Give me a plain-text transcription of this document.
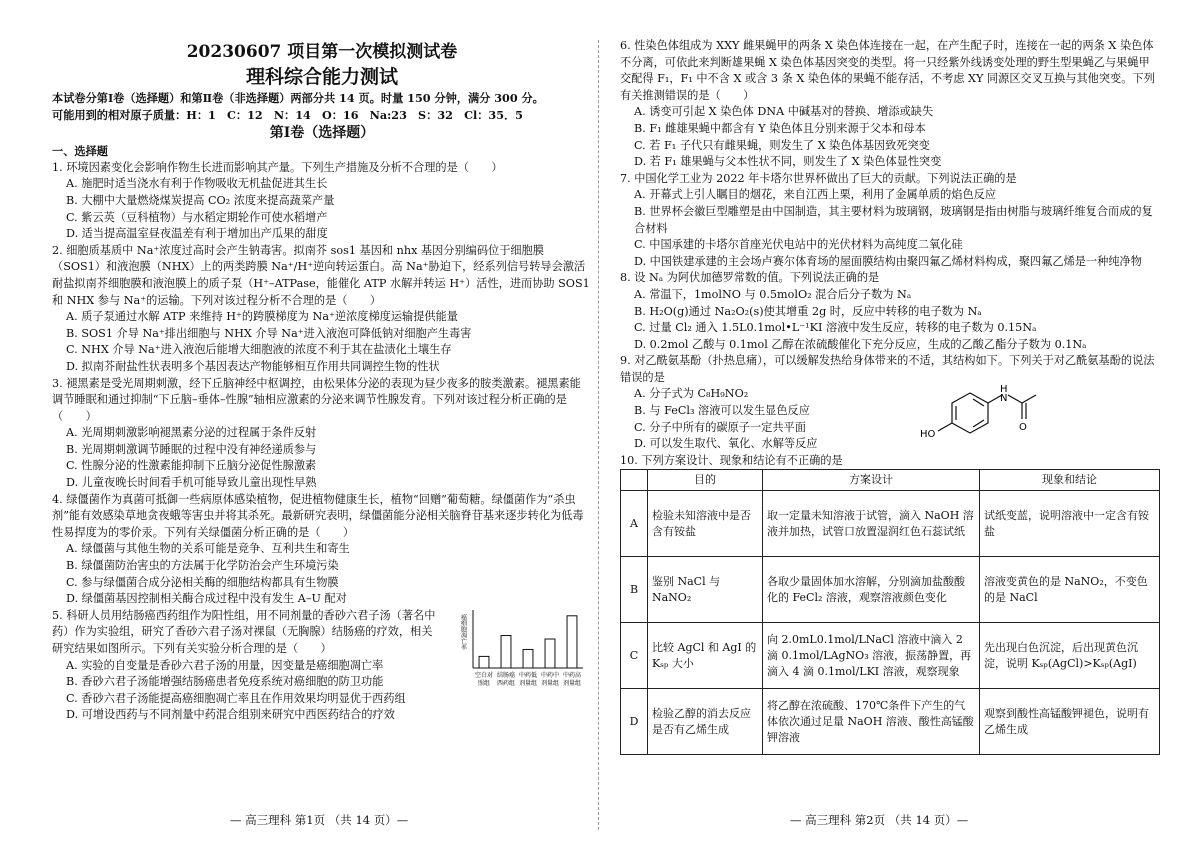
20230607 项目第一次模拟测试卷
理科综合能力测试
本试卷分第Ⅰ卷（选择题）和第Ⅱ卷（非选择题）两部分共 14 页。时量 150 分钟，满分 300 分。
可能用到的相对原子质量：H：1　C：12　N：14　O：16　Na:23　S：32　Cl：35．5
第Ⅰ卷（选择题）
一、选择题
1. 环境因素变化会影响作物生长进而影响其产量。下列生产措施及分析不合理的是（　　）
A. 施肥时适当浇水有利于作物吸收无机盐促进其生长
B. 大棚中大量燃烧煤炭提高 CO₂ 浓度来提高蔬菜产量
C. 紫云英（豆科植物）与水稻定期轮作可使水稻增产
D. 适当提高温室昼夜温差有利于增加出产瓜果的甜度
2. 细胞质基质中 Na⁺浓度过高时会产生钠毒害。拟南芥 sos1 基因和 nhx 基因分别编码位于细胞膜（SOS1）和液泡膜（NHX）上的两类跨膜 Na⁺/H⁺逆向转运蛋白。高 Na⁺胁迫下，经系列信号转导会激活耐盐拟南芥细胞膜和液泡膜上的质子泵（H⁺–ATPase，能催化 ATP 水解并转运 H⁺）活性，进而协助 SOS1 和 NHX 参与 Na⁺的运输。下列对该过程分析不合理的是（　　）
A. 质子泵通过水解 ATP 来维持 H⁺的跨膜梯度为 Na⁺逆浓度梯度运输提供能量
B. SOS1 介导 Na⁺排出细胞与 NHX 介导 Na⁺进入液泡可降低钠对细胞产生毒害
C. NHX 介导 Na⁺进入液泡后能增大细胞液的浓度不利于其在盐渍化土壤生存
D. 拟南芥耐盐性状表明多个基因表达产物能够相互作用共同调控生物的性状
3. 褪黑素是受光周期刺激，经下丘脑神经中枢调控，由松果体分泌的表现为昼少夜多的胺类激素。褪黑素能调节睡眠和通过抑制“下丘脑–垂体–性腺”轴相应激素的分泌来调节性腺发育。下列对该过程分析正确的是（　　）
A. 光周期刺激影响褪黑素分泌的过程属于条件反射
B. 光周期刺激调节睡眠的过程中没有神经递质参与
C. 性腺分泌的性激素能抑制下丘脑分泌促性腺激素
D. 儿童夜晚长时间看手机可能导致儿童出现性早熟
4. 绿僵菌作为真菌可抵御一些病原体感染植物，促进植物健康生长，植物“回赠”葡萄糖。绿僵菌作为“杀虫剂”能有效感染草地贪夜蛾等害虫并将其杀死。最新研究表明，绿僵菌能分泌相关脑脊苷基来逐步转化为低毒性易捍度为的零价汞。下列有关绿僵菌分析正确的是（　　）
A. 绿僵菌与其他生物的关系可能是竞争、互利共生和寄生
B. 绿僵菌防治害虫的方法属于化学防治会产生环境污染
C. 参与绿僵菌合成分泌相关酶的细胞结构都具有生物膜
D. 绿僵菌基因控制相关酶合成过程中没有发生 A–U 配对
5. 科研人员用结肠癌西药组作为阳性组，用不同剂量的香砂六君子汤（著名中药）作为实验组，研究了香砂六君子汤对裸鼠（无胸腺）结肠癌的疗效，相关研究结果如图所示。下列有关实验分析合理的是（　　）
A. 实验的自变量是香砂六君子汤的用量，因变量是癌细胞凋亡率
B. 香砂六君子汤能增强结肠癌患者免疫系统对癌细胞的防卫功能
C. 香砂六君子汤能提高癌细胞凋亡率且在作用效果均明显优于西药组
D. 可增设西药与不同剂量中药混合组别来研究中西医药结合的疗效
癌细胞凋亡率
空白对
照组
结肠癌
西药组
中药低
剂量组
中药中
剂量组
中药高
剂量组
6. 性染色体组成为 XXY 雌果蝇甲的两条 X 染色体连接在一起，在产生配子时，连接在一起的两条 X 染色体不分离，可依此来判断雄果蝇 X 染色体基因突变的类型。将一只经紫外线诱变处理的野生型果蝇乙与果蝇甲交配得 F₁，F₁ 中不含 X 或含 3 条 X 染色体的果蝇不能存活，不考虑 XY 同源区交叉互换与其他突变。下列有关推测错误的是（　　）
A. 诱变可引起 X 染色体 DNA 中碱基对的替换、增添或缺失
B. F₁ 雌雄果蝇中都含有 Y 染色体且分别来源于父本和母本
C. 若 F₁ 子代只有雌果蝇，则发生了 X 染色体基因致死突变
D. 若 F₁ 雄果蝇与父本性状不同，则发生了 X 染色体显性突变
7. 中国化学工业为 2022 年卡塔尔世界杯做出了巨大的贡献。下列说法正确的是
A. 开幕式上引人瞩目的烟花，来自江西上栗，利用了金属单质的焰色反应
B. 世界杯会徽巨型雕塑是由中国制造，其主要材料为玻璃钢，玻璃钢是指由树脂与玻璃纤维复合而成的复合材料
C. 中国承建的卡塔尔首座光伏电站中的光伏材料为高纯度二氧化硅
D. 中国铁建承建的主会场卢赛尔体育场的屋面膜结构由聚四氟乙烯材料构成，聚四氟乙烯是一种纯净物
8. 设 Nₐ 为阿伏加德罗常数的值。下列说法正确的是
A. 常温下，1molNO 与 0.5molO₂ 混合后分子数为 Nₐ
B. H₂O(g)通过 Na₂O₂(s)使其增重 2g 时，反应中转移的电子数为 Nₐ
C. 过量 Cl₂ 通入 1.5L0.1mol•L⁻¹KI 溶液中发生反应，转移的电子数为 0.15Nₐ
D. 0.2mol 乙酸与 0.1mol 乙醇在浓硫酸催化下充分反应，生成的乙酸乙酯分子数为 0.1Nₐ
9. 对乙酰氨基酚（扑热息痛），可以缓解发热给身体带来的不适，其结构如下。下列关于对乙酰氨基酚的说法错误的是
A. 分子式为 C₈H₉NO₂
B. 与 FeCl₃ 溶液可以发生显色反应
C. 分子中所有的碳原子一定共平面
D. 可以发生取代、氧化、水解等反应
H
N
O
HO
10. 下列方案设计、现象和结论有不正确的是
	目的	方案设计	现象和结论
A	检验未知溶液中是否含有铵盐	取一定量未知溶液于试管，滴入 NaOH 溶液并加热，试管口放置湿润红色石蕊试纸	试纸变蓝，说明溶液中一定含有铵盐
B	鉴别 NaCl 与 NaNO₂	各取少量固体加水溶解，分别滴加盐酸酸化的 FeCl₂ 溶液，观察溶液颜色变化	溶液变黄色的是 NaNO₂，不变色的是 NaCl
C	比较 AgCl 和 AgI 的 Kₛₚ 大小	向 2.0mL0.1mol/LNaCl 溶液中滴入 2 滴 0.1mol/LAgNO₃ 溶液，振荡静置，再滴入 4 滴 0.1mol/LKI 溶液，观察现象	先出现白色沉淀，后出现黄色沉淀，说明 Kₛₚ(AgCl)>Kₛₚ(AgI)
D	检验乙醇的消去反应是否有乙烯生成	将乙醇在浓硫酸、170℃条件下产生的气体依次通过足量 NaOH 溶液、酸性高锰酸钾溶液	观察到酸性高锰酸钾褪色，说明有乙烯生成
— 高三理科 第1页 （共 14 页）—	— 高三理科 第2页 （共 14 页）—
